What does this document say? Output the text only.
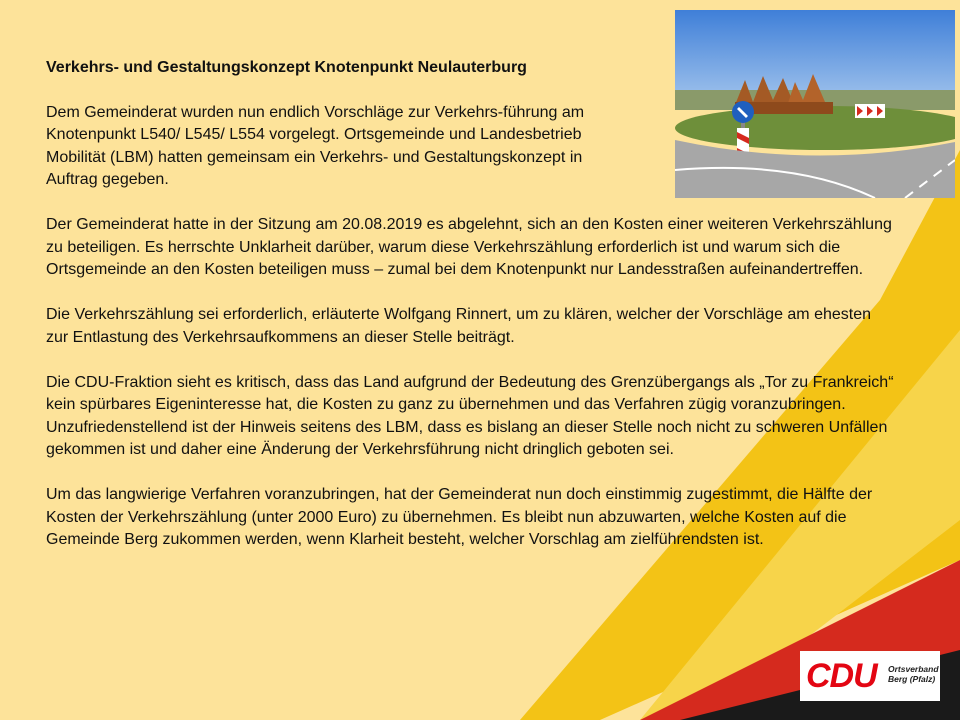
Verkehrs- und Gestaltungskonzept Knotenpunkt Neulauterburg

Dem Gemeinderat wurden nun endlich Vorschläge zur Verkehrs-führung am Knotenpunkt L540/ L545/ L554 vorgelegt. Ortsgemeinde und Landesbetrieb Mobilität (LBM) hatten gemeinsam ein Verkehrs- und Gestaltungskonzept in Auftrag gegeben.

Der Gemeinderat hatte in der Sitzung am 20.08.2019 es abgelehnt, sich an den Kosten einer weiteren Verkehrszählung zu beteiligen. Es herrschte Unklarheit darüber, warum diese Verkehrszählung erforderlich ist und warum sich die Ortsgemeinde an den Kosten beteiligen muss – zumal bei dem Knotenpunkt nur Landesstraßen aufeinandertreffen.

Die Verkehrszählung sei erforderlich, erläuterte Wolfgang Rinnert, um zu klären, welcher der Vorschläge am ehesten zur Entlastung des Verkehrsaufkommens an dieser Stelle beiträgt.

Die CDU-Fraktion sieht es kritisch, dass das Land aufgrund der Bedeutung des Grenzübergangs als „Tor zu Frankreich“ kein spürbares Eigeninteresse hat, die Kosten zu ganz zu übernehmen und das Verfahren zügig voranzubringen. Unzufriedenstellend ist der Hinweis seitens des LBM, dass es bislang an dieser Stelle noch nicht zu schweren Unfällen gekommen ist und daher eine Änderung der Verkehrsführung nicht dringlich geboten sei.

Um das langwierige Verfahren voranzubringen, hat der Gemeinderat nun doch einstimmig zugestimmt, die Hälfte der Kosten der Verkehrszählung (unter 2000 Euro) zu übernehmen. Es bleibt nun abzuwarten, welche Kosten auf die Gemeinde Berg zukommen werden, wenn Klarheit besteht, welcher Vorschlag am zielführendsten ist.

CDU Ortsverband
Berg (Pfalz)
